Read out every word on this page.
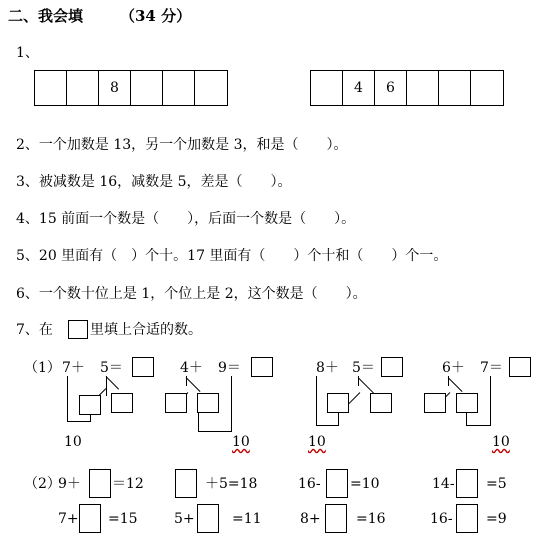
二、我会填 （34 分）
1、
8	4	6
2、一个加数是 13，另一个加数是 3，和是（　　）。
3、被减数是 16，减数是 5，差是（　　）。
4、15 前面一个数是（　　），后面一个数是（　　）。
5、20 里面有（　）个十。17 里面有（　　）个十和（　　）个一。
6、一个数十位上是 1，个位上是 2，这个数是（　　）。
7、在	里填上合适的数。
（1） 7＋ 5＝
10
4＋ 9＝
10
8＋ 5＝
10
6＋ 7＝
10
（2）
9＋ ＝12	＋5=18	16- =10	14- =5
7+ =15	5+	=11	8+	=16	16- =9
